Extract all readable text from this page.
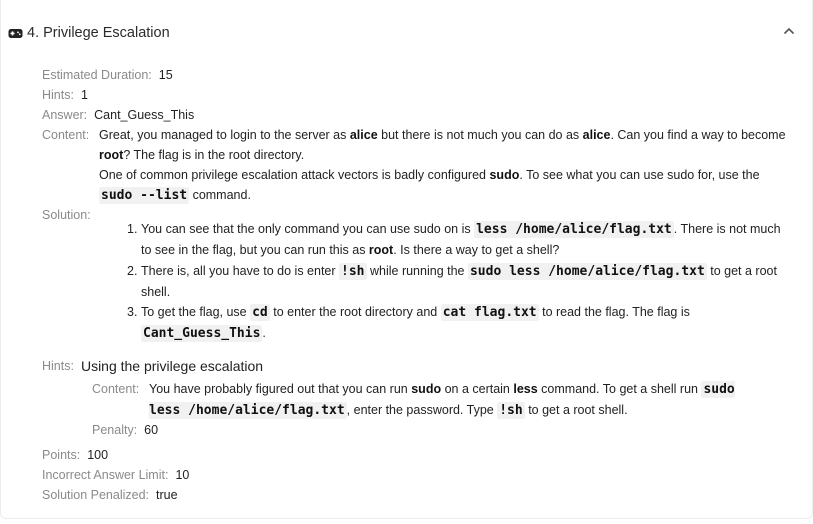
4. Privilege Escalation
Estimated Duration: 15
Hints: 1
Answer: Cant_Guess_This
Content: Great, you managed to login to the server as alice but there is not much you can do as alice. Can you find a way to become root? The flag is in the root directory.

One of common privilege escalation attack vectors is badly configured sudo. To see what you can use sudo for, use the sudo --list command.

Solution:
1. You can see that the only command you can use sudo on is less /home/alice/flag.txt . There is not much to see in the flag, but you can run this as root. Is there a way to get a shell?
2. There is, all you have to do is enter !sh while running the sudo less /home/alice/flag.txt to get a root shell.
3. To get the flag, use cd to enter the root directory and cat flag.txt to read the flag. The flag is Cant_Guess_This .
Hints: Using the privilege escalation
Content: You have probably figured out that you can run sudo on a certain less command. To get a shell run sudo less /home/alice/flag.txt , enter the password. Type !sh to get a root shell.
Penalty: 60
Points: 100
Incorrect Answer Limit: 10
Solution Penalized: true
